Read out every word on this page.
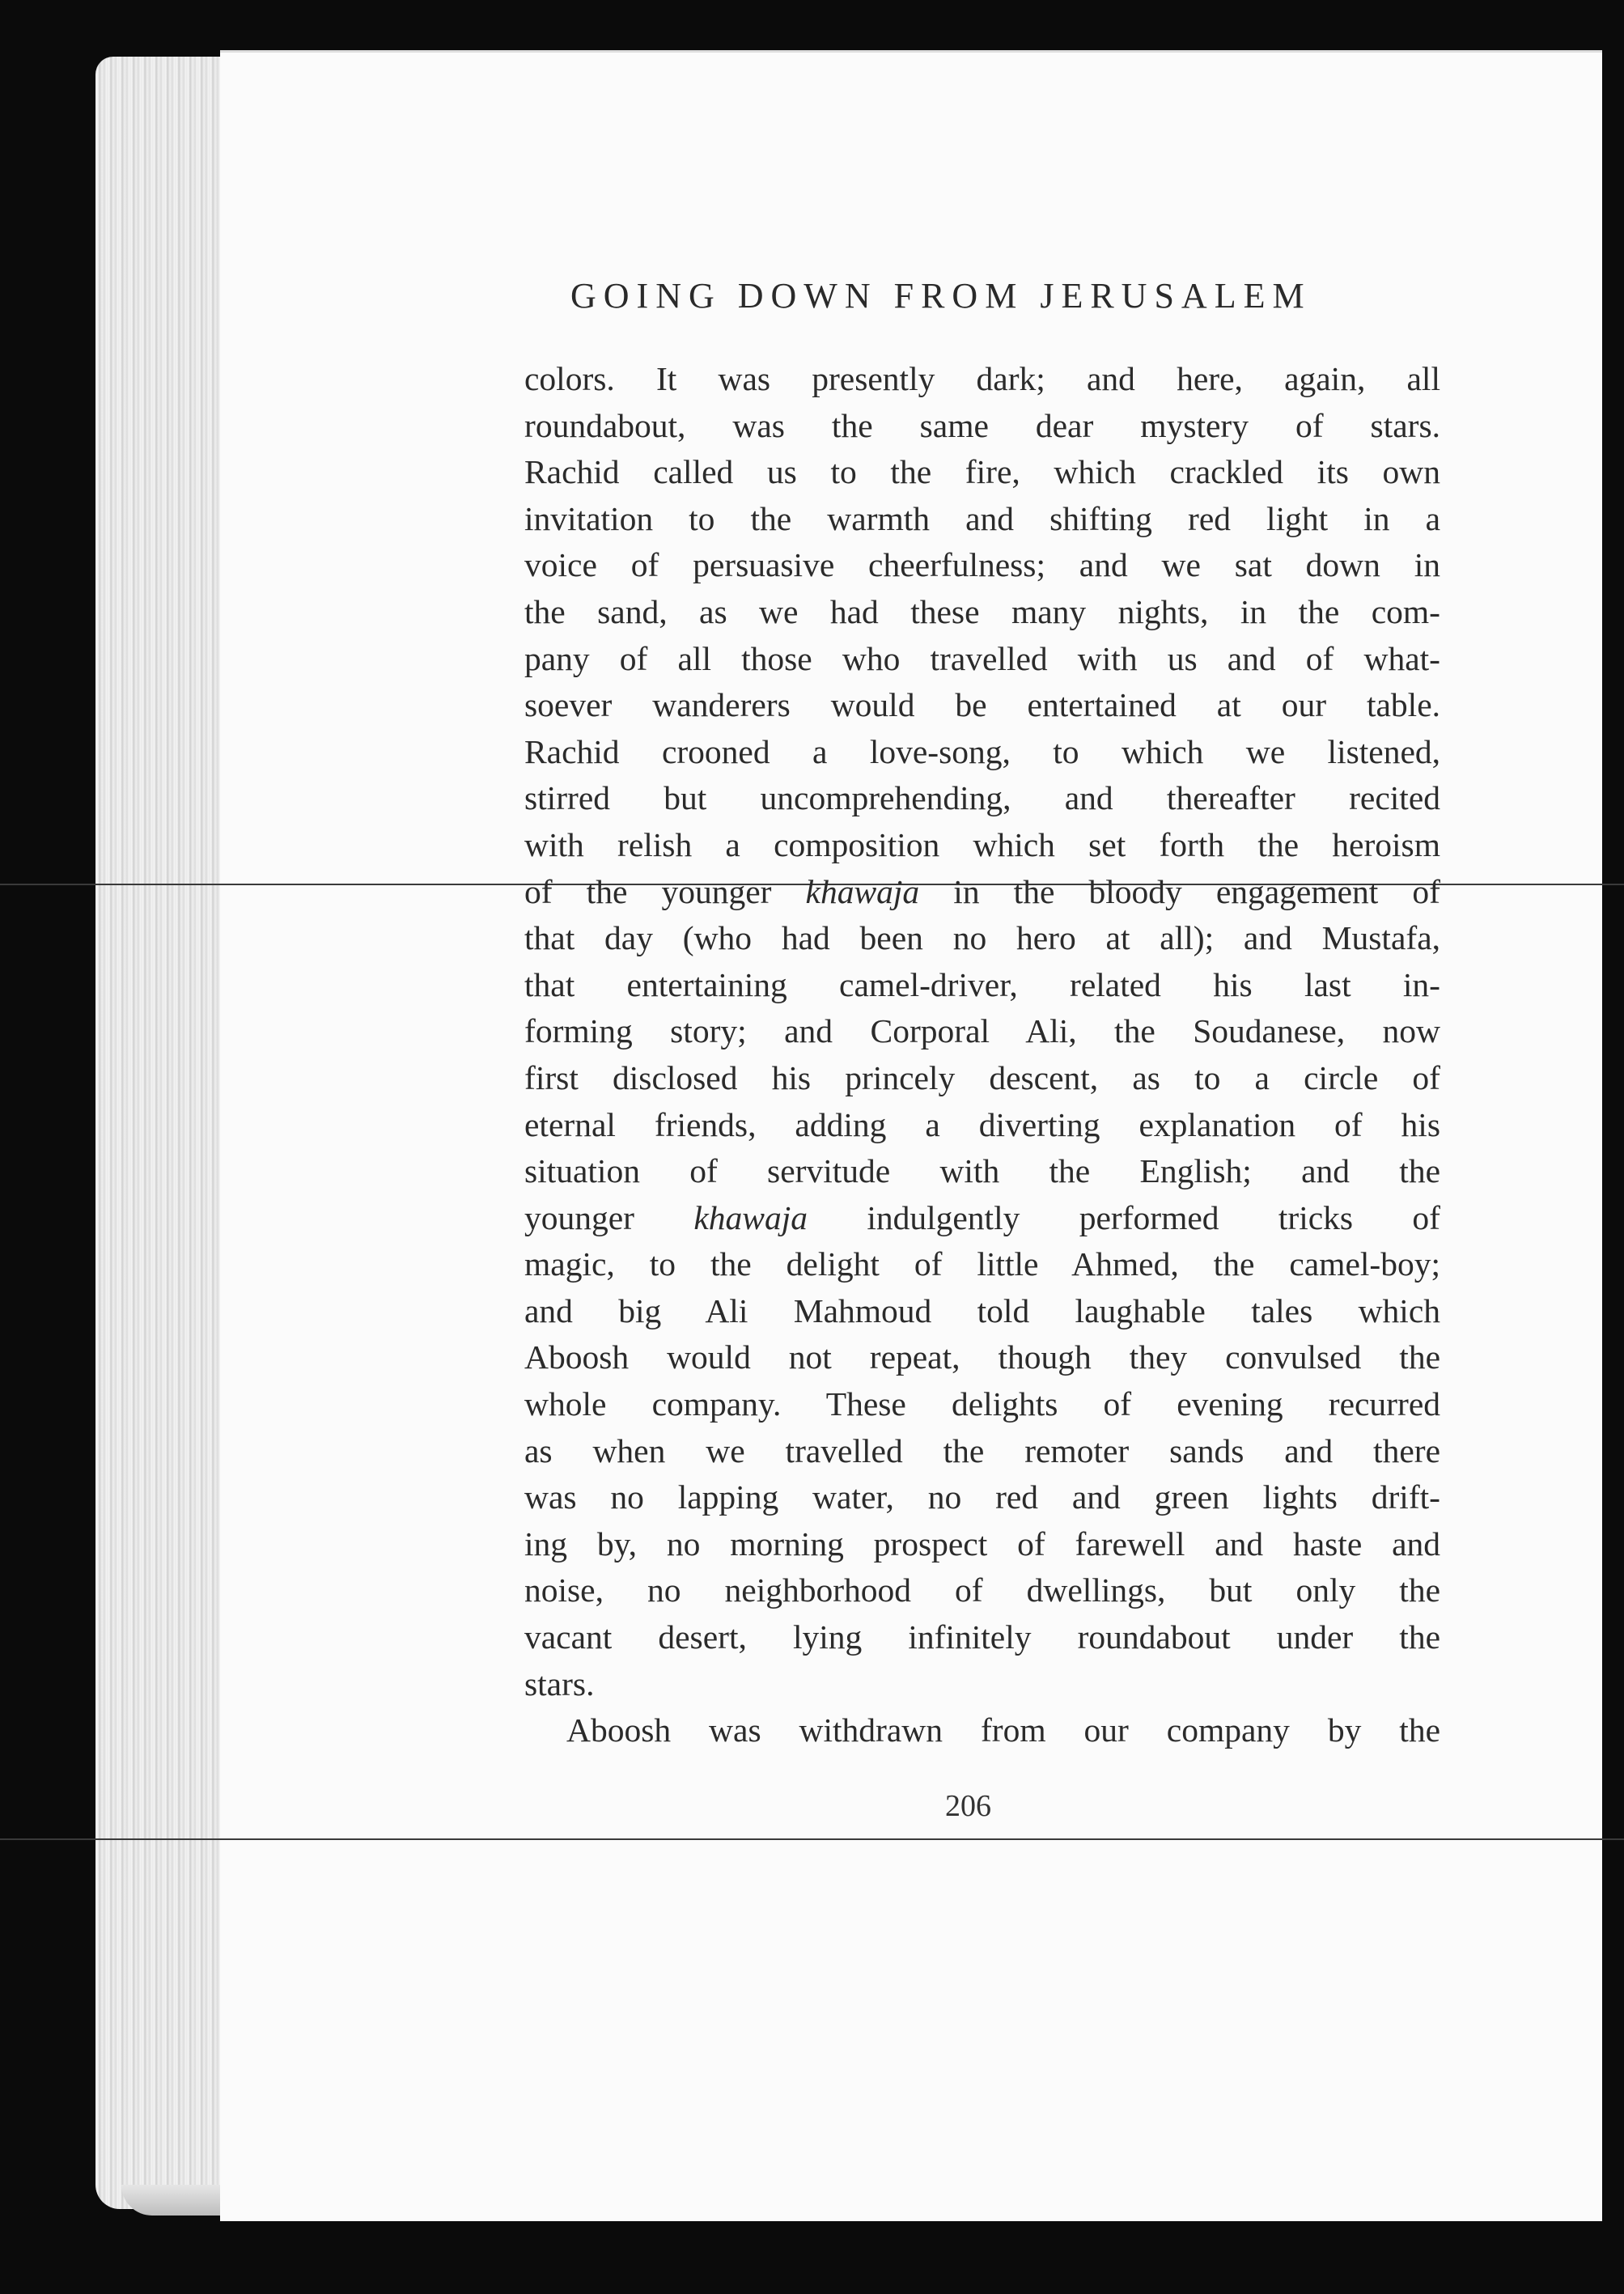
GOING DOWN FROM JERUSALEM
colors. It was presently dark; and here, again, all
roundabout, was the same dear mystery of stars.
Rachid called us to the fire, which crackled its own
invitation to the warmth and shifting red light in a
voice of persuasive cheerfulness; and we sat down in
the sand, as we had these many nights, in the com-
pany of all those who travelled with us and of what-
soever wanderers would be entertained at our table.
Rachid crooned a love-song, to which we listened,
stirred but uncomprehending, and thereafter recited
with relish a composition which set forth the heroism
of the younger khawaja in the bloody engagement of
that day (who had been no hero at all); and Mustafa,
that entertaining camel-driver, related his last in-
forming story; and Corporal Ali, the Soudanese, now
first disclosed his princely descent, as to a circle of
eternal friends, adding a diverting explanation of his
situation of servitude with the English; and the
younger khawaja indulgently performed tricks of
magic, to the delight of little Ahmed, the camel-boy;
and big Ali Mahmoud told laughable tales which
Aboosh would not repeat, though they convulsed the
whole company. These delights of evening recurred
as when we travelled the remoter sands and there
was no lapping water, no red and green lights drift-
ing by, no morning prospect of farewell and haste and
noise, no neighborhood of dwellings, but only the
vacant desert, lying infinitely roundabout under the
stars.
Aboosh was withdrawn from our company by the
206
